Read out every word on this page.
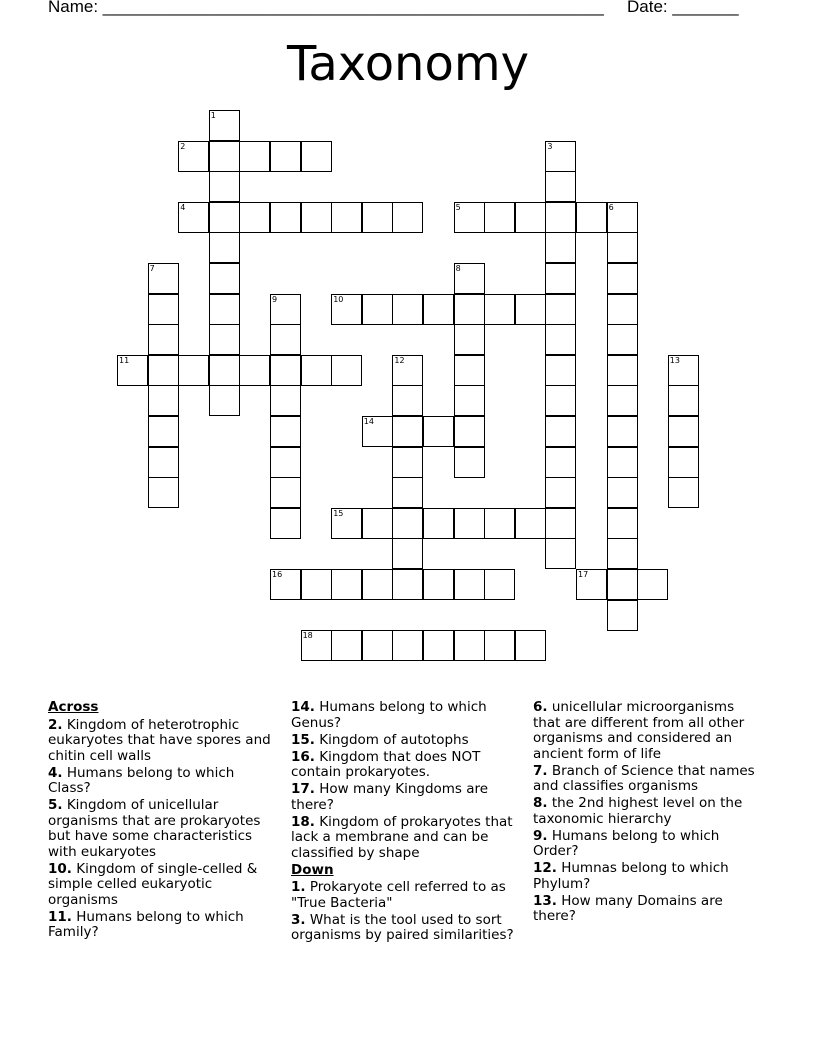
Name: _____________________________________________________ Date: _______
Taxonomy
1
2	3
4	5	6
7	8
9	10
11	12	13
14
15
16	17
18
Across
2. Kingdom of heterotrophic eukaryotes that have spores and chitin cell walls
4. Humans belong to which Class?
5. Kingdom of unicellular organisms that are prokaryotes but have some characteristics with eukaryotes
10. Kingdom of single-celled & simple celled eukaryotic organisms
11. Humans belong to which Family?
14. Humans belong to which Genus?
15. Kingdom of autotophs
16. Kingdom that does NOT contain prokaryotes.
17. How many Kingdoms are there?
18. Kingdom of prokaryotes that lack a membrane and can be classified by shape
Down
1. Prokaryote cell referred to as "True Bacteria"
3. What is the tool used to sort organisms by paired similarities?
6. unicellular microorganisms that are different from all other organisms and considered an ancient form of life
7. Branch of Science that names and classifies organisms
8. the 2nd highest level on the taxonomic hierarchy
9. Humans belong to which Order?
12. Humnas belong to which Phylum?
13. How many Domains are there?
